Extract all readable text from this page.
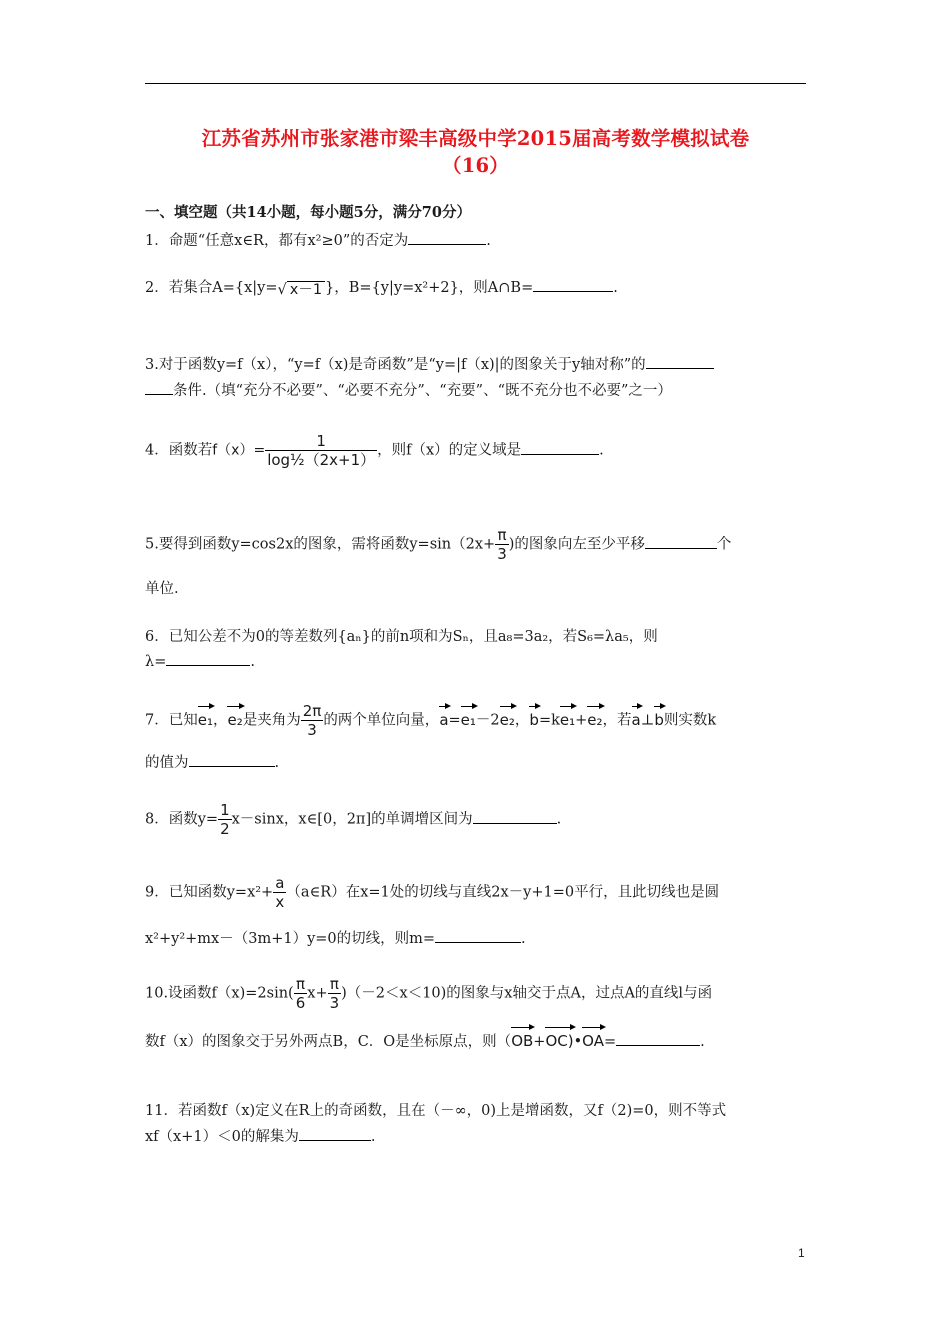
江苏省苏州市张家港市梁丰高级中学2015届高考数学模拟试卷
（16）
一、填空题（共14小题，每小题5分，满分70分）
1．命题“任意x∈R，都有x²≥0”的否定为	.
2．若集合A={x|y=√ x－1 }，B={y|y=x²+2}，则A∩B=	.
3.对于函数y=f（x），“y=f（x)是奇函数”是“y=|f（x)|的图象关于y轴对称”的
条件.（填“充分不必要”、“必要不充分”、“充要”、“既不充分也不必要”之一）
4．函数若$f(x)= \frac{1}{\text{log½（2x+1）}}$ ，则f（x）的定义域是	.
5.要得到函数y=cos2x的图象，需将函数$y=\sin(2x+ \frac{\pi}{3}$ )的图象向左至少平移	个
单位.
6．已知公差不为0的等差数列{aₙ}的前n项和为Sₙ，且a₈=3a₂，若S₆=λa₅，则
λ=	.
7．已知e₁，e₂是夹角为 $\frac{2\pi}{3}$ 的两个单位向量，a=e₁－2e₂，b=ke₁+e₂，若a⊥b则实数k
的值为	.
8．函数$y= \frac{1}{2} x-\sin x$，x∈[0，2π]的单调增区间为	.
9．已知函数$y=x^2+ \frac{a}{x}$ （a∈R）在x=1处的切线与直线2x－y+1=0平行，且此切线也是圆
x²+y²+mx－（3m+1）y=0的切线，则m=	.
10.设函数$f(x)=2\sin( \frac{\pi}{6} x+ \frac{\pi}{3} )(-2<x<10)$的图象与x轴交于点A，过点A的直线l与函
数f（x）的图象交于另外两点B，C．O是坐标原点，则（OB+OC)•OA=	.
11．若函数f（x)定义在R上的奇函数，且在（－∞，0)上是增函数，又f（2)=0，则不等式
xf（x+1）＜0的解集为	.
1
